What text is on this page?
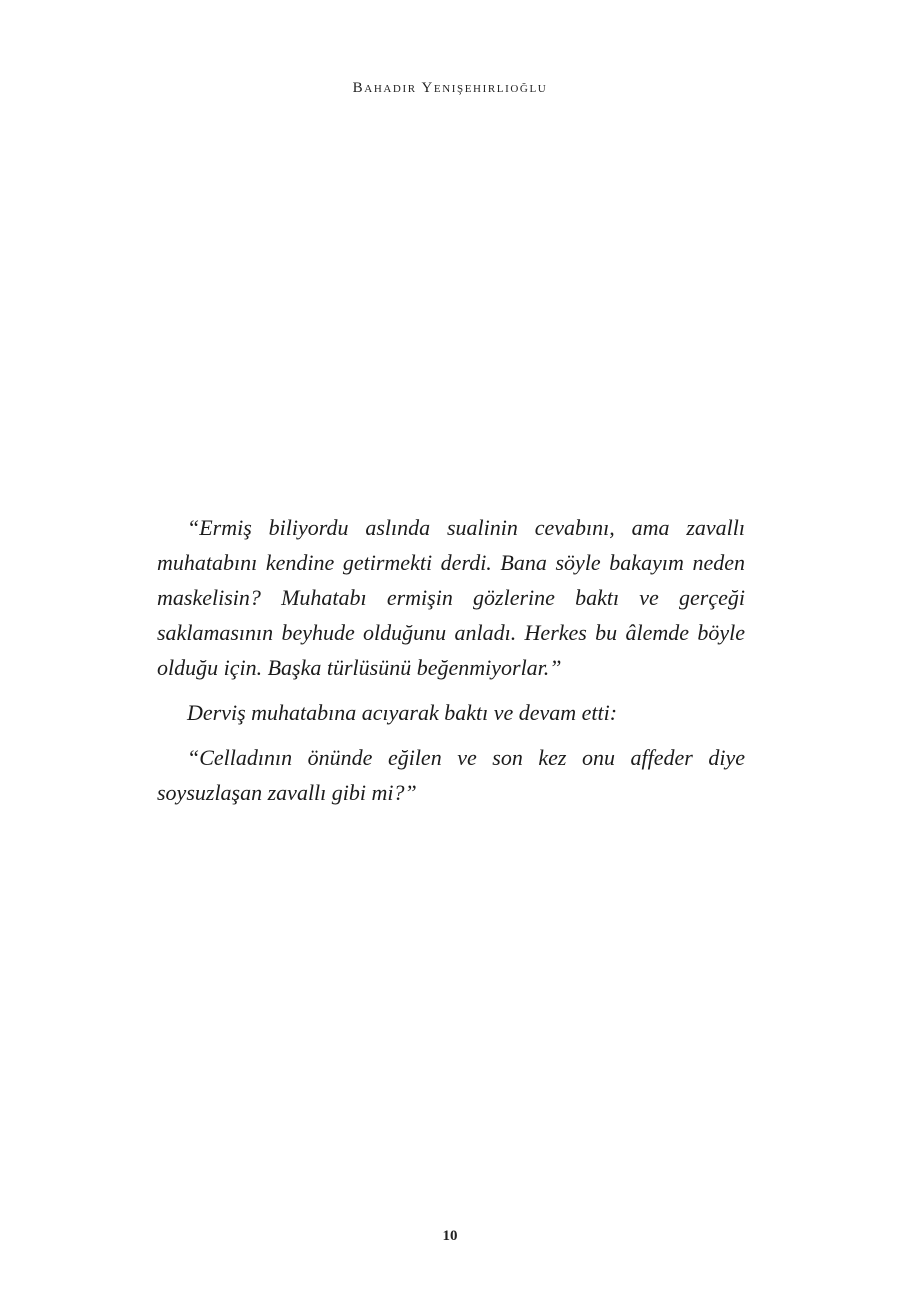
Bahadır Yenişehirlioğlu

“Ermiş biliyordu aslında sualinin cevabını, ama zavallı muhatabını kendine getirmekti derdi. Bana söyle bakayım neden maskelisin? Muhatabı ermişin gözlerine baktı ve gerçeği saklamasının beyhude olduğunu anladı. Herkes bu âlemde böyle olduğu için. Başka türlüsünü beğenmiyorlar.”

Derviş muhatabına acıyarak baktı ve devam etti:

“Celladının önünde eğilen ve son kez onu affeder diye soysuzlaşan zavallı gibi mi?”

10
